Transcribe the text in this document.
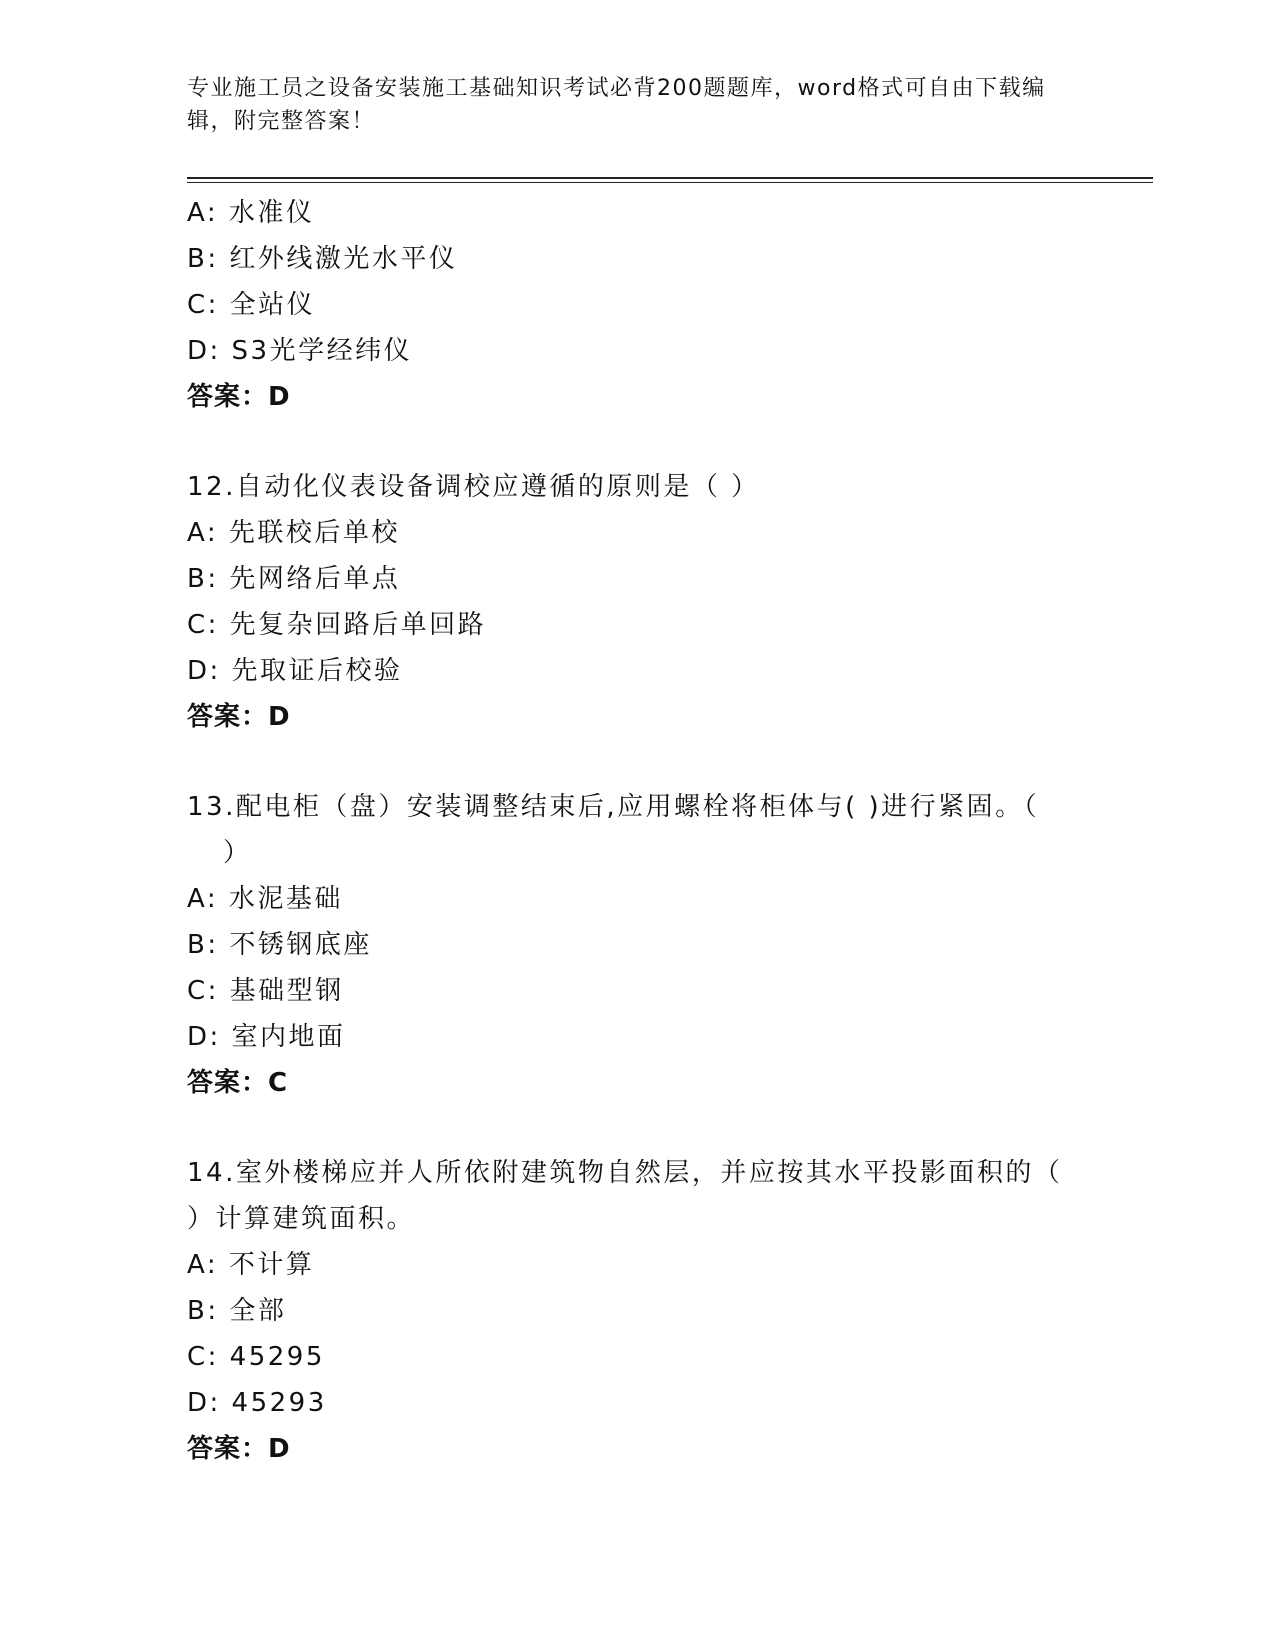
专业施工员之设备安装施工基础知识考试必背200题题库，word格式可自由下载编辑，附完整答案！
A: 水准仪
B: 红外线激光水平仪
C: 全站仪
D: S3光学经纬仪
答案：D
12.自动化仪表设备调校应遵循的原则是（ ）
A: 先联校后单校
B: 先网络后单点
C: 先复杂回路后单回路
D: 先取证后校验
答案：D
13.配电柜（盘）安装调整结束后,应用螺栓将柜体与( )进行紧固。（
）
A: 水泥基础
B: 不锈钢底座
C: 基础型钢
D: 室内地面
答案：C
14.室外楼梯应并人所依附建筑物自然层，并应按其水平投影面积的（
）计算建筑面积。
A: 不计算
B: 全部
C: 45295
D: 45293
答案：D
